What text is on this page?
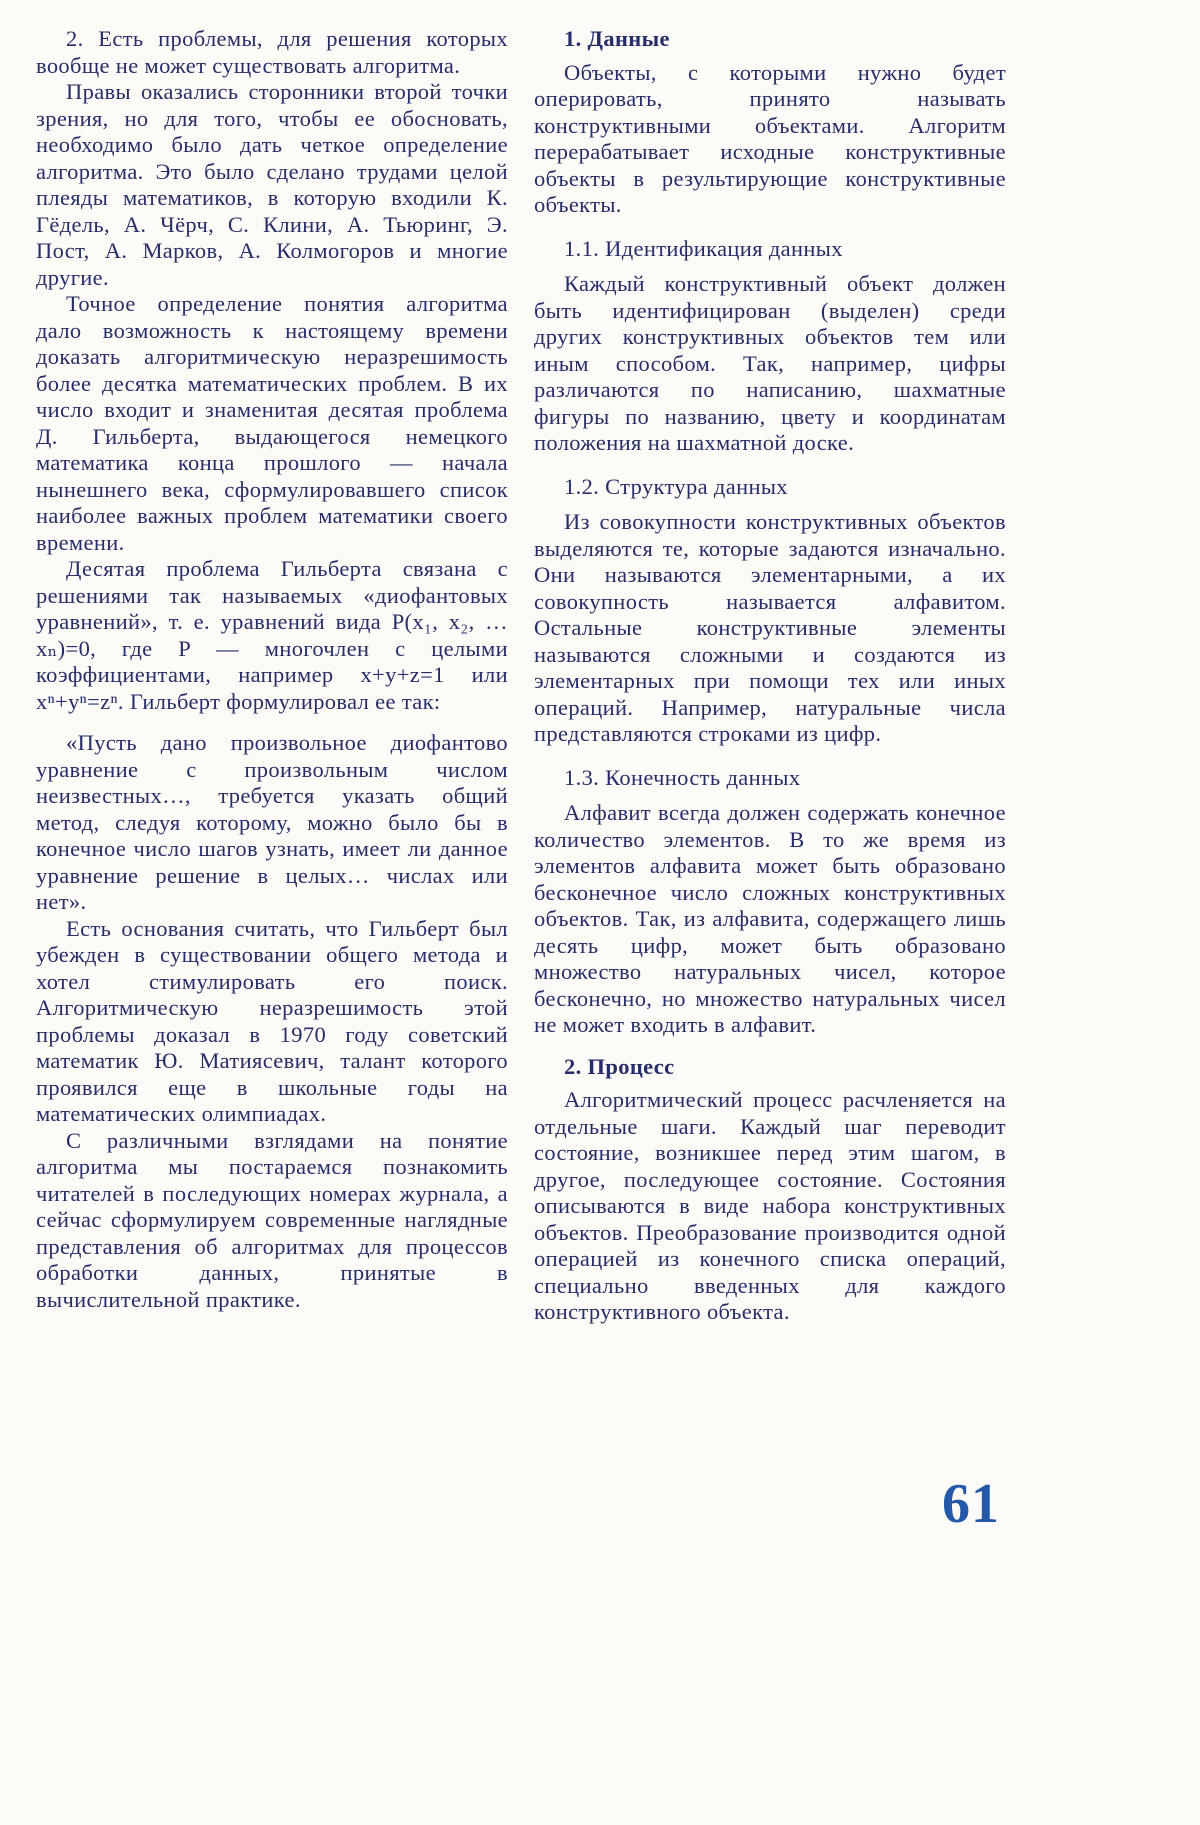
2. Есть проблемы, для решения которых вообще не может существовать алгоритма.
Правы оказались сторонники второй точки зрения, но для того, чтобы ее обосновать, необходимо было дать четкое определение алгоритма. Это было сделано трудами целой плеяды математиков, в которую входили К. Гёдель, А. Чёрч, С. Клини, А. Тьюринг, Э. Пост, А. Марков, А. Колмогоров и многие другие.
Точное определение понятия алгоритма дало возможность к настоящему времени доказать алгоритмическую неразрешимость более десятка математических проблем. В их число входит и знаменитая десятая проблема Д. Гильберта, выдающегося немецкого математика конца прошлого — начала нынешнего века, сформулировавшего список наиболее важных проблем математики своего времени.
Десятая проблема Гильберта связана с решениями так называемых «диофантовых уравнений», т. е. уравнений вида P(x₁, x₂, … xₙ)=0, где P — многочлен с целыми коэффициентами, например x+y+z=1 или xⁿ+yⁿ=zⁿ. Гильберт формулировал ее так:
«Пусть дано произвольное диофантово уравнение с произвольным числом неизвестных…, требуется указать общий метод, следуя которому, можно было бы в конечное число шагов узнать, имеет ли данное уравнение решение в целых… числах или нет».
Есть основания считать, что Гильберт был убежден в существовании общего метода и хотел стимулировать его поиск. Алгоритмическую неразрешимость этой проблемы доказал в 1970 году советский математик Ю. Матиясевич, талант которого проявился еще в школьные годы на математических олимпиадах.
С различными взглядами на понятие алгоритма мы постараемся познакомить читателей в последующих номерах журнала, а сейчас сформулируем современные наглядные представления об алгоритмах для процессов обработки данных, принятые в вычислительной практике.
1. Данные
Объекты, с которыми нужно будет оперировать, принято называть конструктивными объектами. Алгоритм перерабатывает исходные конструктивные объекты в результирующие конструктивные объекты.
1.1. Идентификация данных
Каждый конструктивный объект должен быть идентифицирован (выделен) среди других конструктивных объектов тем или иным способом. Так, например, цифры различаются по написанию, шахматные фигуры по названию, цвету и координатам положения на шахматной доске.
1.2. Структура данных
Из совокупности конструктивных объектов выделяются те, которые задаются изначально. Они называются элементарными, а их совокупность называется алфавитом. Остальные конструктивные элементы называются сложными и создаются из элементарных при помощи тех или иных операций. Например, натуральные числа представляются строками из цифр.
1.3. Конечность данных
Алфавит всегда должен содержать конечное количество элементов. В то же время из элементов алфавита может быть образовано бесконечное число сложных конструктивных объектов. Так, из алфавита, содержащего лишь десять цифр, может быть образовано множество натуральных чисел, которое бесконечно, но множество натуральных чисел не может входить в алфавит.
2. Процесс
Алгоритмический процесс расчленяется на отдельные шаги. Каждый шаг переводит состояние, возникшее перед этим шагом, в другое, последующее состояние. Состояния описываются в виде набора конструктивных объектов. Преобразование производится одной операцией из конечного списка операций, специально введенных для каждого конструктивного объекта.
61
